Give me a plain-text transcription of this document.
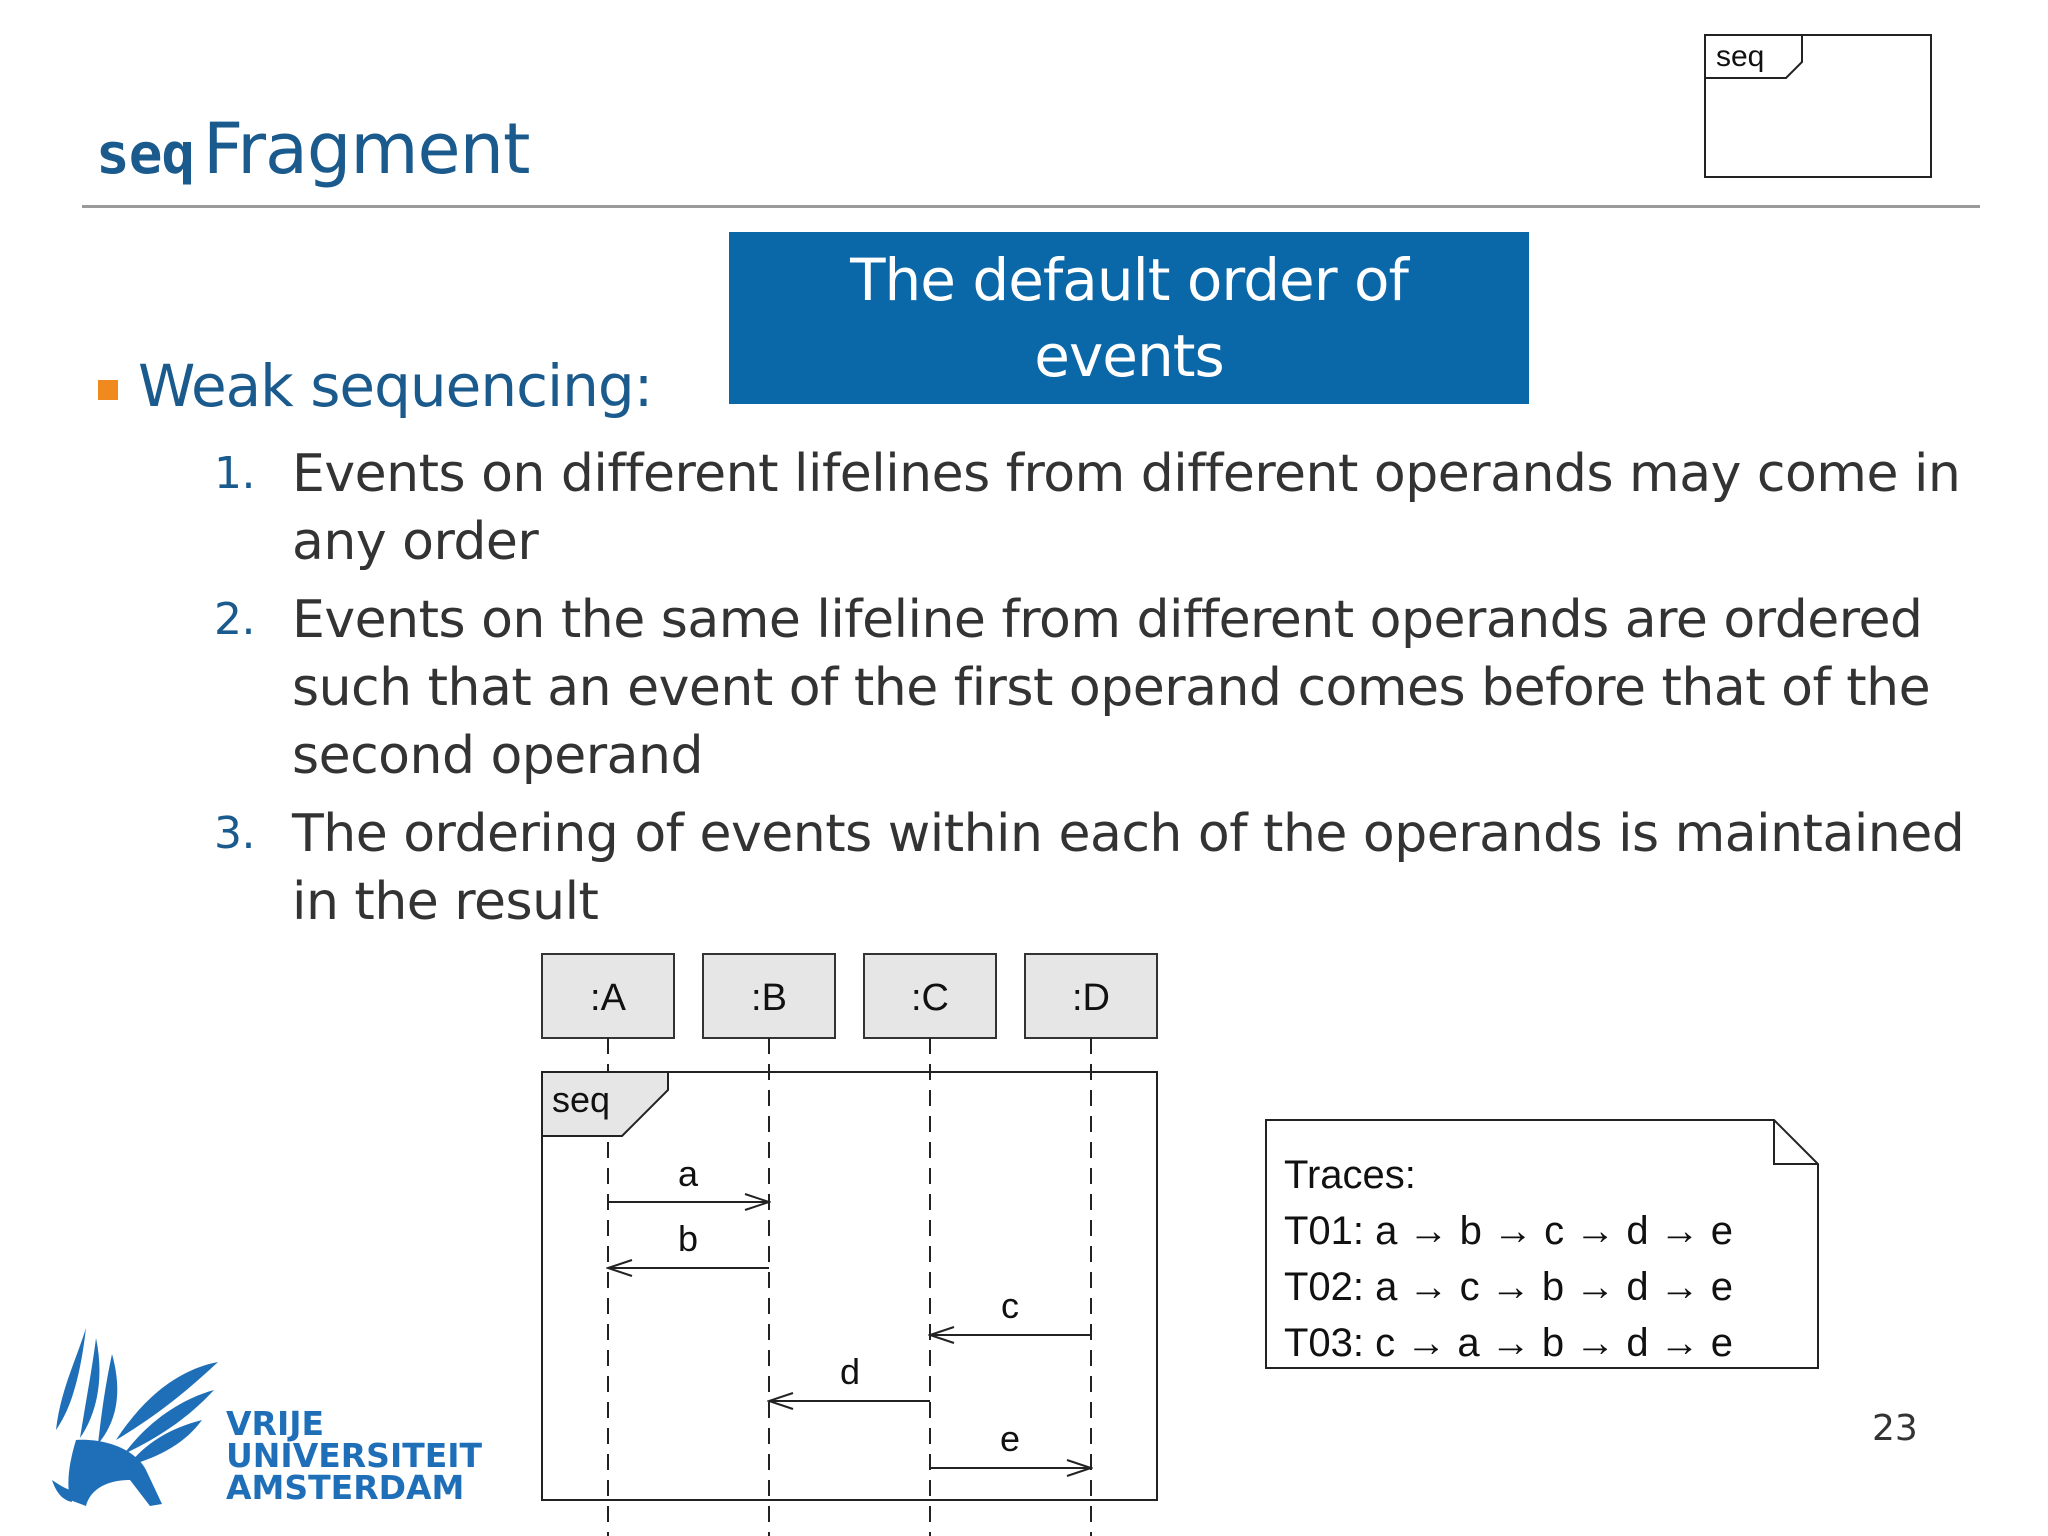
seq Fragment
seq
The default order of events
Weak sequencing:
1. Events on different lifelines from different operands may come in any order
2. Events on the same lifeline from different operands are ordered such that an event of the first operand comes before that of the second operand
3. The ordering of events within each of the operands is maintained in the result
:A	:B	:C	:D
seq
a
b
c
d
e
Traces:
T01: a → b → c → d → e
T02: a → c → b → d → e
T03: c → a → b → d → e
23
VRIJE
UNIVERSITEIT
AMSTERDAM
